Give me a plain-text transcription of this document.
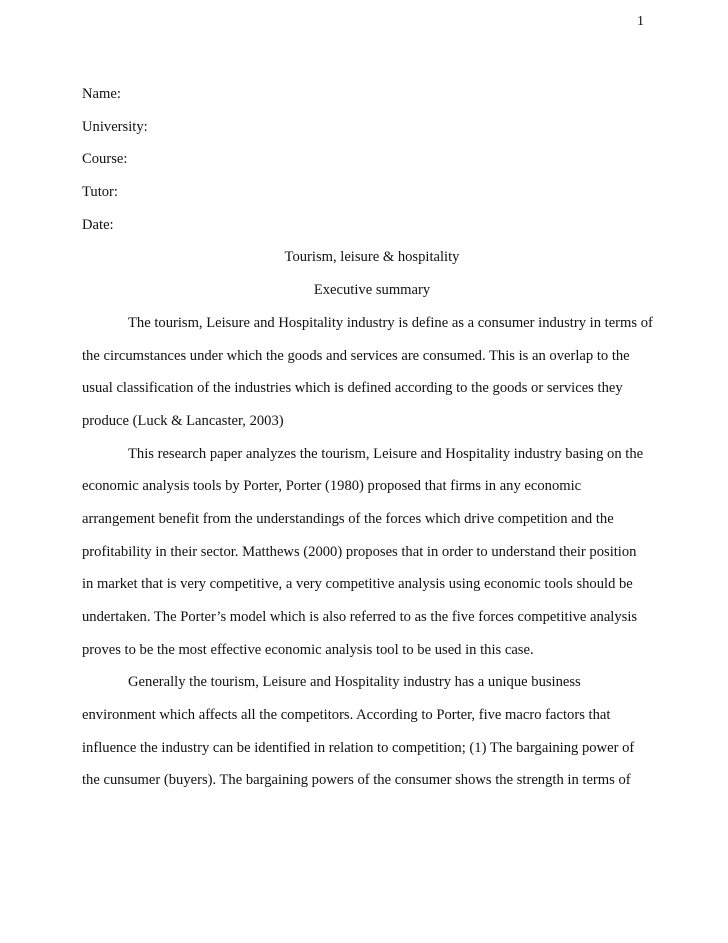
1
Name:
University:
Course:
Tutor:
Date:
Tourism, leisure & hospitality
Executive summary
The tourism, Leisure and Hospitality industry is define as a consumer industry in terms of
the circumstances under which the goods and services are consumed. This is an overlap to the
usual classification of the industries which is defined according to the goods or services they
produce (Luck & Lancaster, 2003)
This research paper analyzes the tourism, Leisure and Hospitality industry basing on the
economic analysis tools by Porter, Porter (1980) proposed that firms in any economic
arrangement benefit from the understandings of the forces which drive competition and the
profitability in their sector. Matthews (2000) proposes that in order to understand their position
in market that is very competitive, a very competitive analysis using economic tools should be
undertaken. The Porter’s model which is also referred to as the five forces competitive analysis
proves to be the most effective economic analysis tool to be used in this case.
Generally the tourism, Leisure and Hospitality industry has a unique business
environment which affects all the competitors. According to Porter, five macro factors that
influence the industry can be identified in relation to competition; (1) The bargaining power of
the cunsumer (buyers). The bargaining powers of the consumer shows the strength in terms of
